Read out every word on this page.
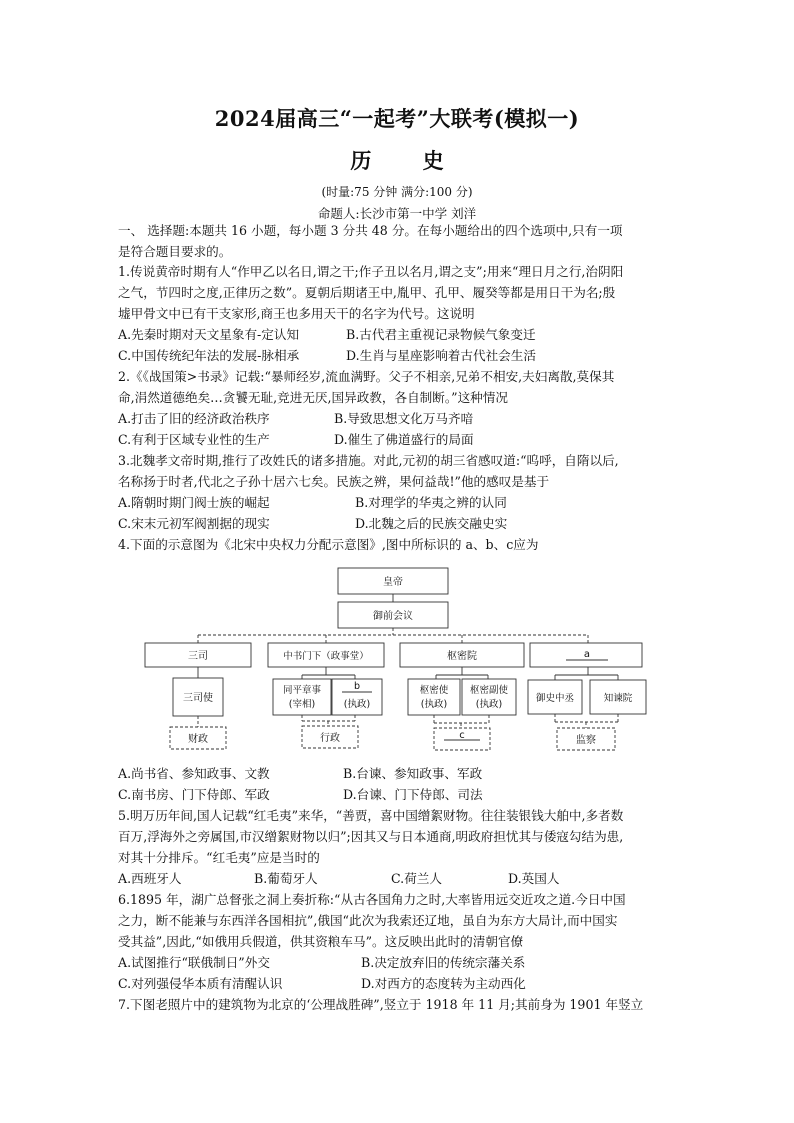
2024届高三“一起考”大联考(模拟一)
历 史
(时量:75 分钟 满分:100 分)
命题人:长沙市第一中学 刘洋
一、 选择题:本题共 16 小题，每小题 3 分共 48 分。在每小题给出的四个选项中,只有一项
是符合题目要求的。
1.传说黄帝时期有人“作甲乙以名日,谓之干;作子丑以名月,谓之支”;用来“理日月之行,治阴阳
之气，节四时之度,正律历之数”。夏朝后期诸王中,胤甲、孔甲、履癸等都是用日干为名;殷
墟甲骨文中已有干支家形,商王也多用天干的名字为代号。这说明
A.先秦时期对天文星象有-定认知	B.古代君主重视记录物候气象变迁
C.中国传统纪年法的发展-脉相承	D.生肖与星座影响着古代社会生活
2.《《战国策>书录》记载:“暴师经岁,流血满野。父子不相亲,兄弟不相安,夫妇离散,莫保其
命,涓然道德绝矣…贪饕无耻,竞进无厌,国异政教，各自制断。”这种情况
A.打击了旧的经济政治秩序	B.导致思想文化万马齐喑
C.有利于区域专业性的生产	D.催生了佛道盛行的局面
3.北魏孝文帝时期,推行了改姓氏的诸多措施。对此,元初的胡三省感叹道:“呜呼，自隋以后,
名称扬于时者,代北之子孙十居六七矣。民族之辨，果何益哉!”他的感叹是基于
A.隋朝时期门阀士族的崛起	B.对理学的华夷之辨的认同
C.宋末元初军阀割据的现实	D.北魏之后的民族交融史实
4.下面的示意图为《北宋中央权力分配示意图》,图中所标识的 a、b、c应为
皇帝
御前会议
三司	中书门下（政事堂）	枢密院	a
三司使
同平章事
(宰相)
b
(执政)
枢密使
(执政)
枢密副使
(执政)
御史中丞	知谏院
财政	行政	c	监察
A.尚书省、参知政事、文教	B.台谏、参知政事、军政
C.南书房、门下侍郎、军政	D.台谏、门下侍郎、司法
5.明万历年间,国人记载“红毛夷”来华，“善贾，喜中国缯絮财物。往往装银钱大舶中,多者数
百万,浮海外之旁属国,市汉缯絮财物以归”;因其又与日本通商,明政府担忧其与倭寇勾结为患,
对其十分排斥。“红毛夷”应是当时的
A.西班牙人	B.葡萄牙人	C.荷兰人	D.英国人
6.1895 年，湖广总督张之洞上奏折称:“从古各国角力之时,大率皆用远交近攻之道.今日中国
之力，断不能兼与东西洋各国相抗”,俄国“此次为我索还辽地，虽自为东方大局计,而中国实
受其益”,因此,“如俄用兵假道，供其资粮车马”。这反映出此时的清朝官僚
A.试图推行“联俄制日”外交	B.决定放弃旧的传统宗藩关系
C.对列强侵华本质有清醒认识	D.对西方的态度转为主动西化
7.下图老照片中的建筑物为北京的‘公理战胜碑”,竖立于 1918 年 11 月;其前身为 1901 年竖立
